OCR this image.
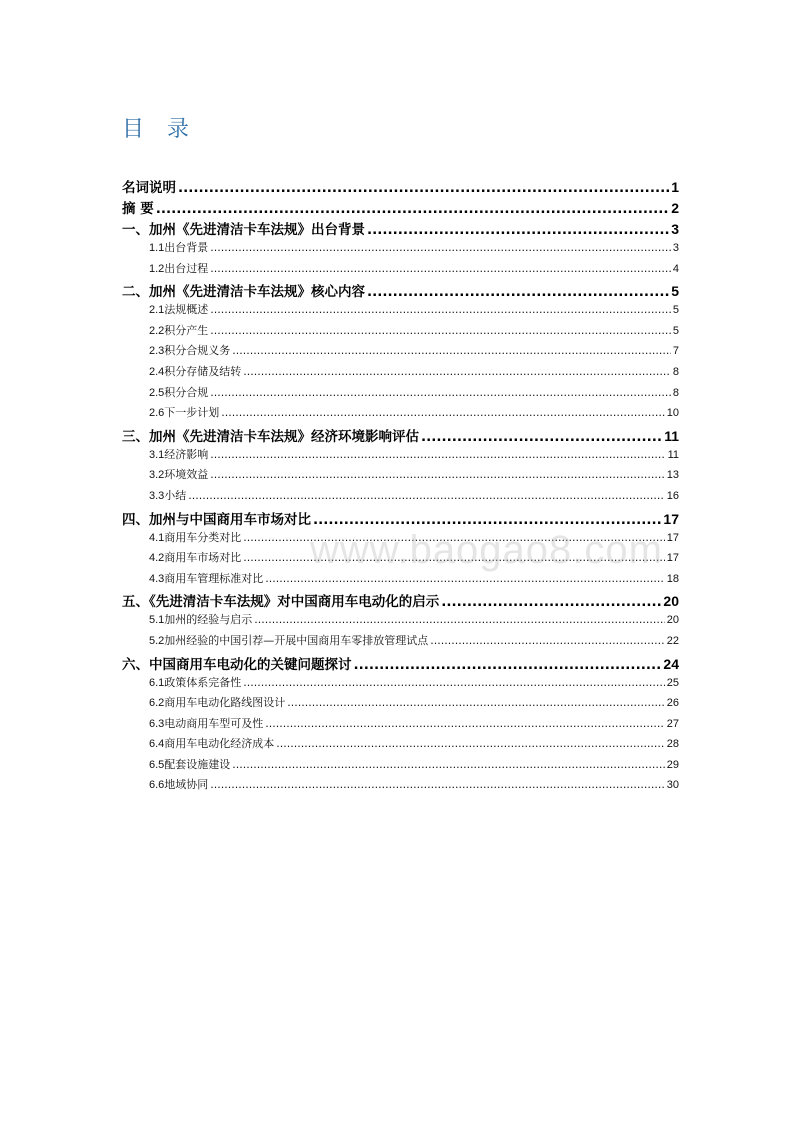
目 录
名词说明 .....	1
摘 要 .....	2
一、加州《先进清洁卡车法规》出台背景 .....	3
1.1 出台背景 .....	3
1.2 出台过程 .....	4
二、加州《先进清洁卡车法规》核心内容 .....	5
2.1 法规概述 .....	5
2.2 积分产生 .....	5
2.3 积分合规义务 .....	7
2.4 积分存储及结转 .....	8
2.5 积分合规 .....	8
2.6 下一步计划 .....	10
三、加州《先进清洁卡车法规》经济环境影响评估 .....	11
3.1 经济影响 .....	11
3.2 环境效益 .....	13
3.3 小结 .....	16
四、加州与中国商用车市场对比 .....	17
4.1 商用车分类对比 .....	17
4.2 商用车市场对比 .....	17
4.3 商用车管理标准对比 .....	18
五、《先进清洁卡车法规》对中国商用车电动化的启示 .....	20
5.1 加州的经验与启示 .....	20
5.2 加州经验的中国引荐—开展中国商用车零排放管理试点 .....	22
六、中国商用车电动化的关键问题探讨 .....	24
6.1 政策体系完备性 .....	25
6.2 商用车电动化路线图设计 .....	26
6.3 电动商用车型可及性 .....	27
6.4 商用车电动化经济成本 .....	28
6.5 配套设施建设 .....	29
6.6 地域协同 .....	30
www.baogao8.com
